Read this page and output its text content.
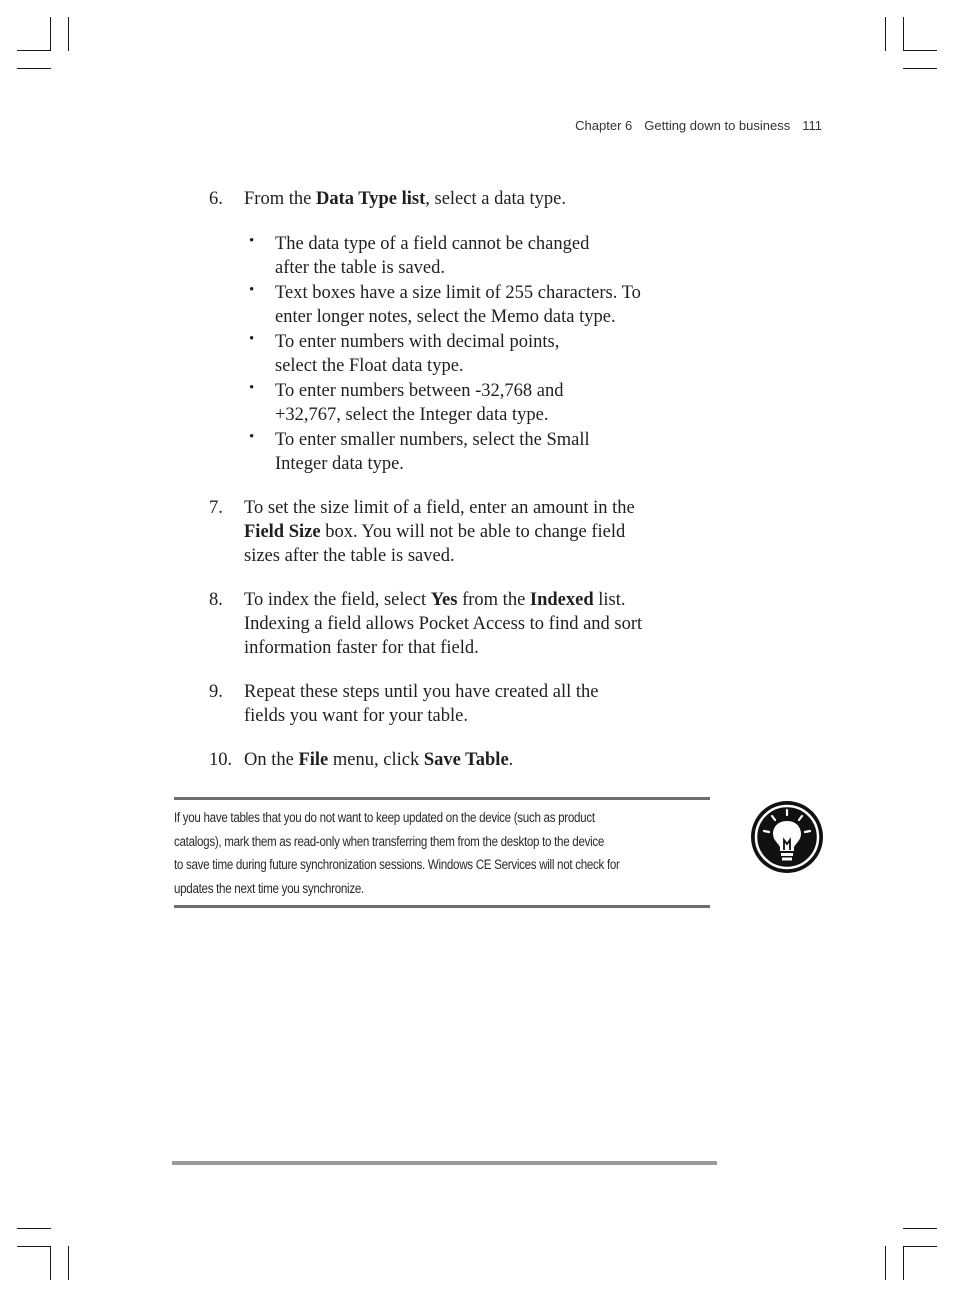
Chapter 6 Getting down to business 111
6. From the Data Type list, select a data type.
• The data type of a field cannot be changed
after the table is saved.
• Text boxes have a size limit of 255 characters. To
enter longer notes, select the Memo data type.
• To enter numbers with decimal points,
select the Float data type.
• To enter numbers between -32,768 and
+32,767, select the Integer data type.
• To enter smaller numbers, select the Small
Integer data type.
7. To set the size limit of a field, enter an amount in the
Field Size box. You will not be able to change field
sizes after the table is saved.
8. To index the field, select Yes from the Indexed list.
Indexing a field allows Pocket Access to find and sort
information faster for that field.
9. Repeat these steps until you have created all the
fields you want for your table.
10. On the File menu, click Save Table.
If you have tables that you do not want to keep updated on the device (such as product
catalogs), mark them as read-only when transferring them from the desktop to the device
to save time during future synchronization sessions. Windows CE Services will not check for
updates the next time you synchronize.
